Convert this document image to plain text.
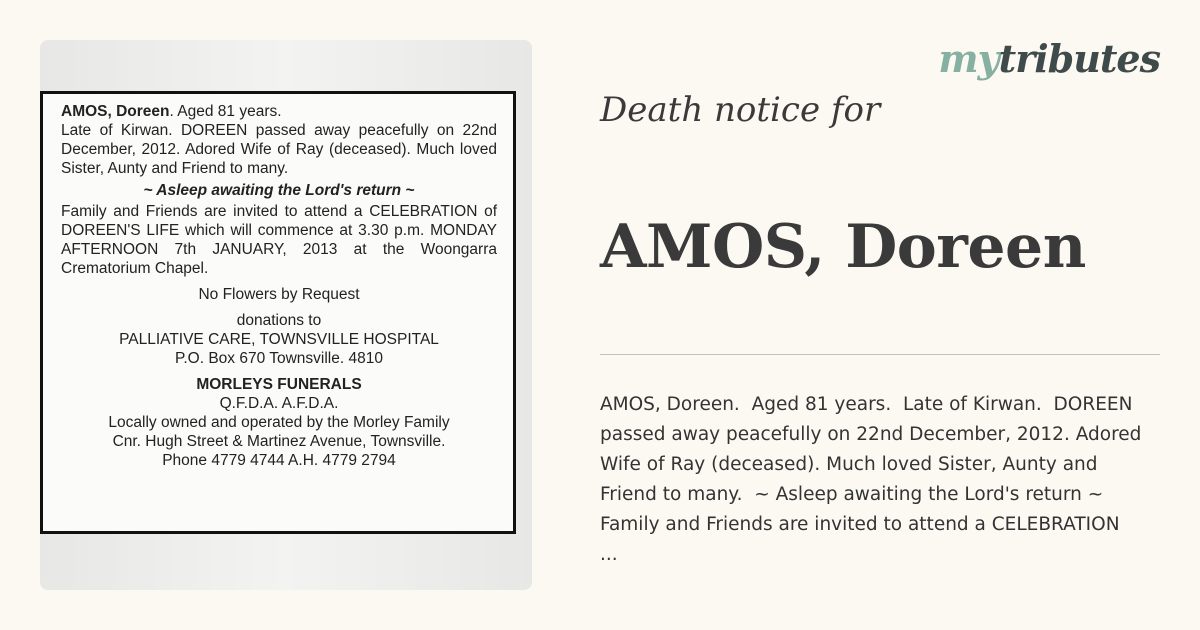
AMOS, Doreen. Aged 81 years.

Late of Kirwan. DOREEN passed away peacefully on 22nd December, 2012. Adored Wife of Ray (deceased). Much loved Sister, Aunty and Friend to many.

~ Asleep awaiting the Lord's return ~

Family and Friends are invited to attend a CELEBRATION of DOREEN'S LIFE which will commence at 3.30 p.m. MONDAY AFTERNOON 7th JANUARY, 2013 at the Woongarra Crematorium Chapel.

No Flowers by Request

donations to

PALLIATIVE CARE, TOWNSVILLE HOSPITAL

P.O. Box 670 Townsville. 4810

MORLEYS FUNERALS

Q.F.D.A. A.F.D.A.

Locally owned and operated by the Morley Family

Cnr. Hugh Street & Martinez Avenue, Townsville.

Phone 4779 4744 A.H. 4779 2794

mytributes
Death notice for
AMOS, Doreen
AMOS, Doreen.  Aged 81 years.  Late of Kirwan.  DOREEN
passed away peacefully on 22nd December, 2012. Adored
Wife of Ray (deceased). Much loved Sister, Aunty and
Friend to many.  ~ Asleep awaiting the Lord's return ~
Family and Friends are invited to attend a CELEBRATION
...
